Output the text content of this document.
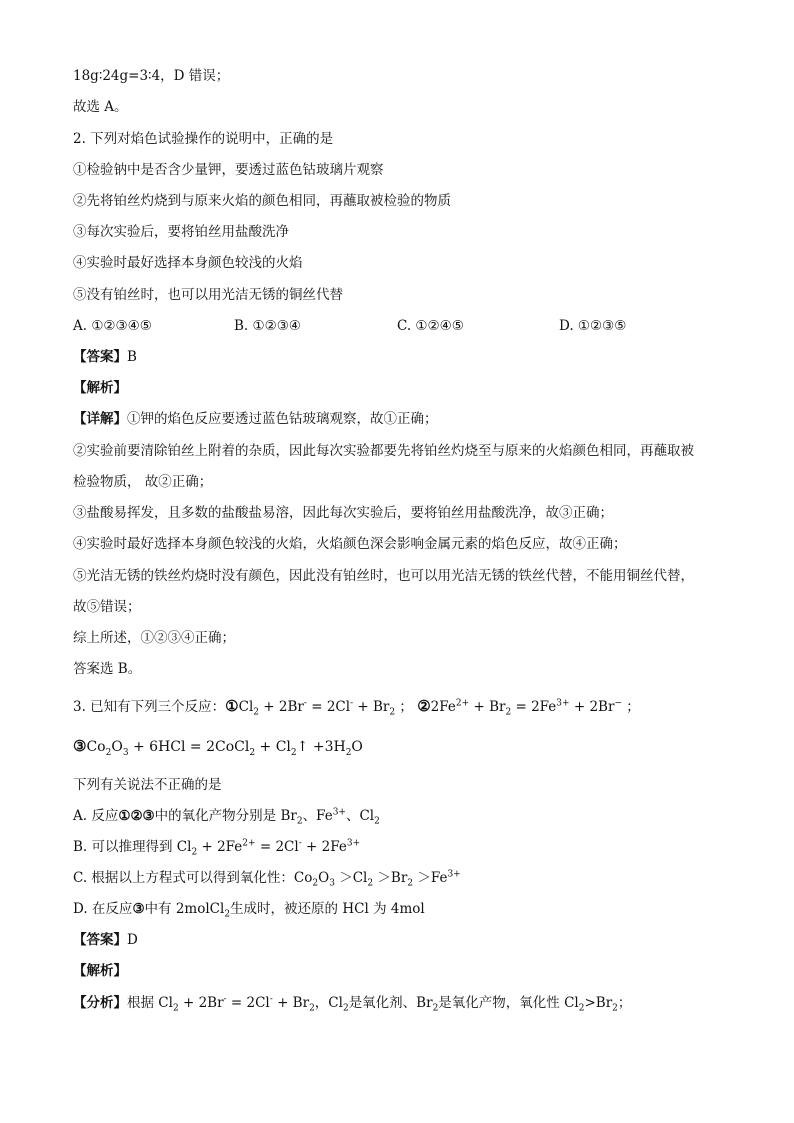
18g∶24g=3∶4，D 错误；
故选 A。
2. 下列对焰色试验操作的说明中，正确的是
①检验钠中是否含少量钾，要透过蓝色钴玻璃片观察
②先将铂丝灼烧到与原来火焰的颜色相同，再蘸取被检验的物质
③每次实验后，要将铂丝用盐酸洗净
④实验时最好选择本身颜色较浅的火焰
⑤没有铂丝时，也可以用光洁无锈的铜丝代替
A. ①②③④⑤	B. ①②③④	C. ①②④⑤	D. ①②③⑤
【答案】B
【解析】
【详解】①钾的焰色反应要透过蓝色钴玻璃观察，故①正确；
②实验前要清除铂丝上附着的杂质，因此每次实验都要先将铂丝灼烧至与原来的火焰颜色相同，再蘸取被
检验物质， 故②正确；
③盐酸易挥发，且多数的盐酸盐易溶，因此每次实验后，要将铂丝用盐酸洗净，故③正确；
④实验时最好选择本身颜色较浅的火焰，火焰颜色深会影响金属元素的焰色反应，故④正确；
⑤光洁无锈的铁丝灼烧时没有颜色，因此没有铂丝时，也可以用光洁无锈的铁丝代替，不能用铜丝代替，
故⑤错误；
综上所述，①②③④正确；
答案选 B。
3. 已知有下列三个反应：$①Cl_2 + 2Br^- = 2Cl^- + Br_2$ ； $②2Fe^{2+} + Br_2 = 2Fe^{3+} + 2Br^-$ ；
$③Co_2O_3 + 6HCl$ = 2CoCl$_2$ + $Cl_2↑ +3H_2O$
下列有关说法不正确的是
A. 反应①②③中的氧化产物分别是 $Br_2$、$Fe^{3+}$、$Cl_2$
B. 可以推理得到 $Cl_2 + 2Fe^{2+} = 2Cl^- + 2Fe^{3+}$
C. 根据以上方程式可以得到氧化性：$Co_2O_3 >Cl_2 >Br_2 >Fe^{3+}$
D. 在反应③中有 2molCl$_2$生成时，被还原的 HCl 为 4mol
【答案】D
【解析】
【分析】根据 $Cl_2 + 2Br^- = 2Cl^- + Br_2$，$Cl_2$是氧化剂、$Br_2$是氧化产物，氧化性 $Cl_2>Br_2$；
